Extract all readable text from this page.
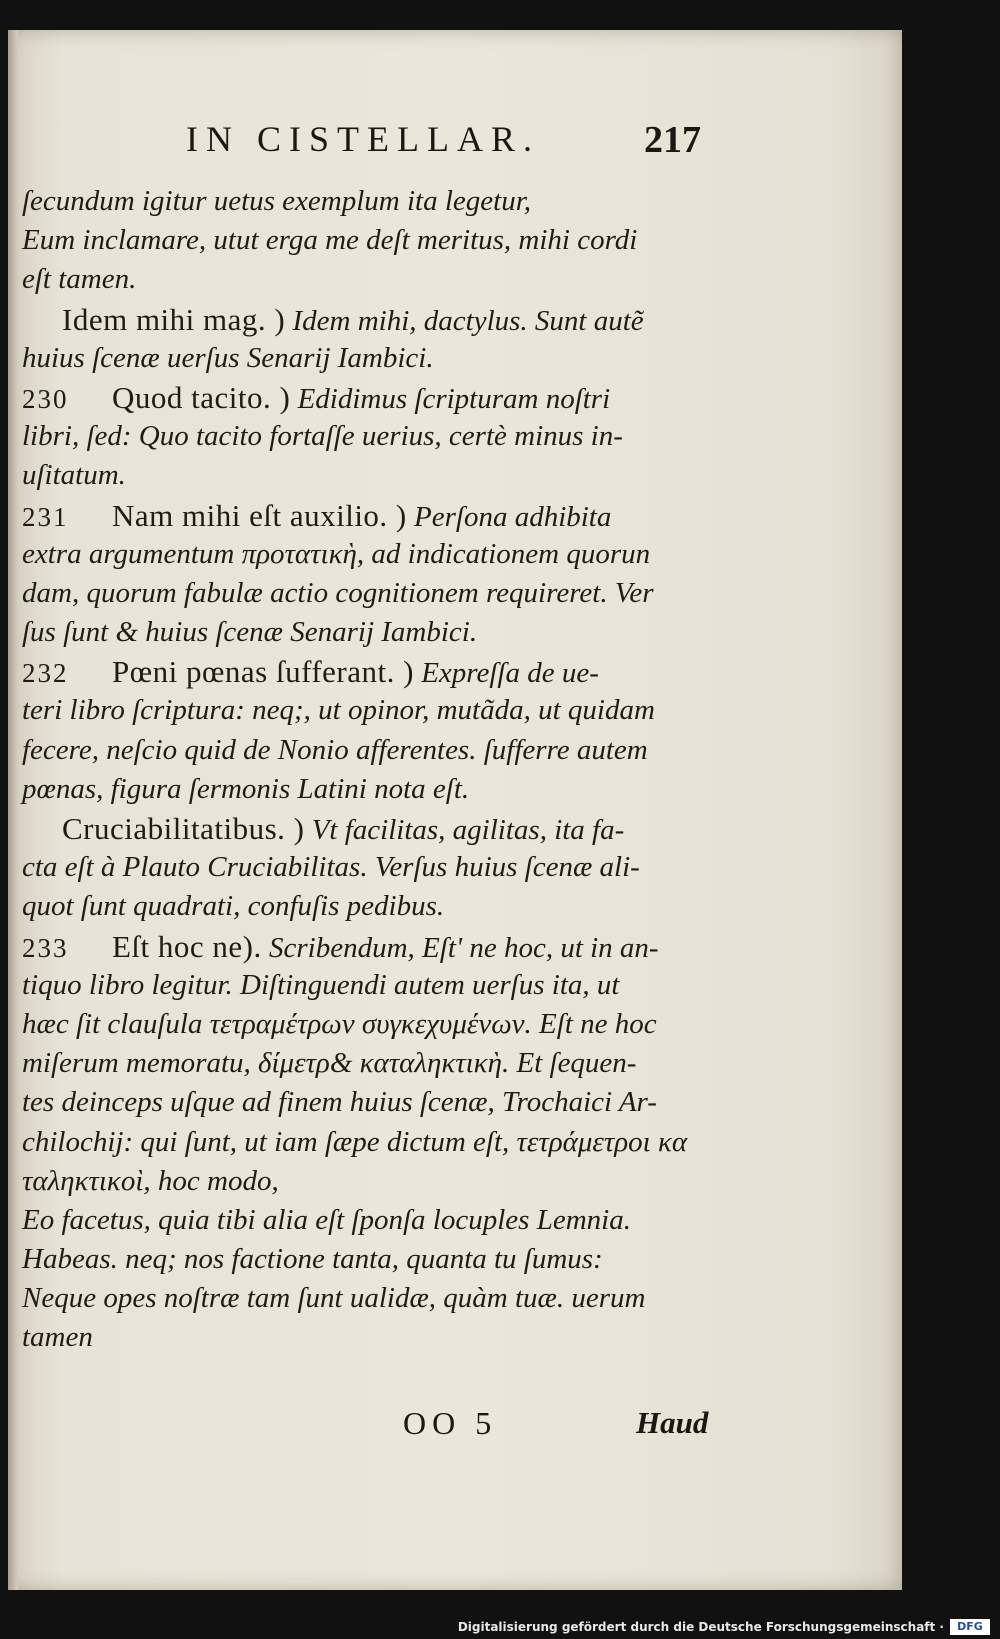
IN CISTELLAR.	217
ſecundum igitur uetus exemplum ita legetur,
Eum inclamare, utut erga me deſt meritus, mihi cordi
eſt tamen.
Idem mihi mag. ) Idem mihi, dactylus. Sunt autẽ
huius ſcenæ uerſus Senarij Iambici.
230 Quod tacito. ) Edidimus ſcripturam noſtri
libri, ſed: Quo tacito fortaſſe uerius, certè minus in-
uſitatum.
231 Nam mihi eſt auxilio. ) Perſona adhibita
extra argumentum προτατικὴ, ad indicationem quorun
dam, quorum fabulæ actio cognitionem requireret. Ver
ſus ſunt & huius ſcenæ Senarij Iambici.
232 Pœni pœnas ſufferant. ) Expreſſa de ue-
teri libro ſcriptura: neq;, ut opinor, mutãda, ut quidam
fecere, neſcio quid de Nonio afferentes. ſufferre autem
pœnas, figura ſermonis Latini nota eſt.
Cruciabilitatibus. ) Vt facilitas, agilitas, ita fa-
cta eſt à Plauto Cruciabilitas. Verſus huius ſcenæ ali-
quot ſunt quadrati, confuſis pedibus.
233 Eſt hoc ne). Scribendum, Eſt' ne hoc, ut in an-
tiquo libro legitur. Diſtinguendi autem uerſus ita, ut
hæc ſit clauſula τετραμέτρων συγκεχυμένων. Eſt ne hoc
miſerum memoratu, δίμετρ& καταληκτικὴ. Et ſequen-
tes deinceps uſque ad finem huius ſcenæ, Trochaici Ar-
chilochij: qui ſunt, ut iam ſæpe dictum eſt, τετράμετροι κα
ταληκτικοὶ, hoc modo,
Eo facetus, quia tibi alia eſt ſponſa locuples Lemnia.
Habeas. neq; nos factione tanta, quanta tu ſumus:
Neque opes noſtræ tam ſunt ualidæ, quàm tuæ. uerum
tamen
OO 5	Haud
Digitalisierung gefördert durch die Deutsche Forschungsgemeinschaft ·	DFG
